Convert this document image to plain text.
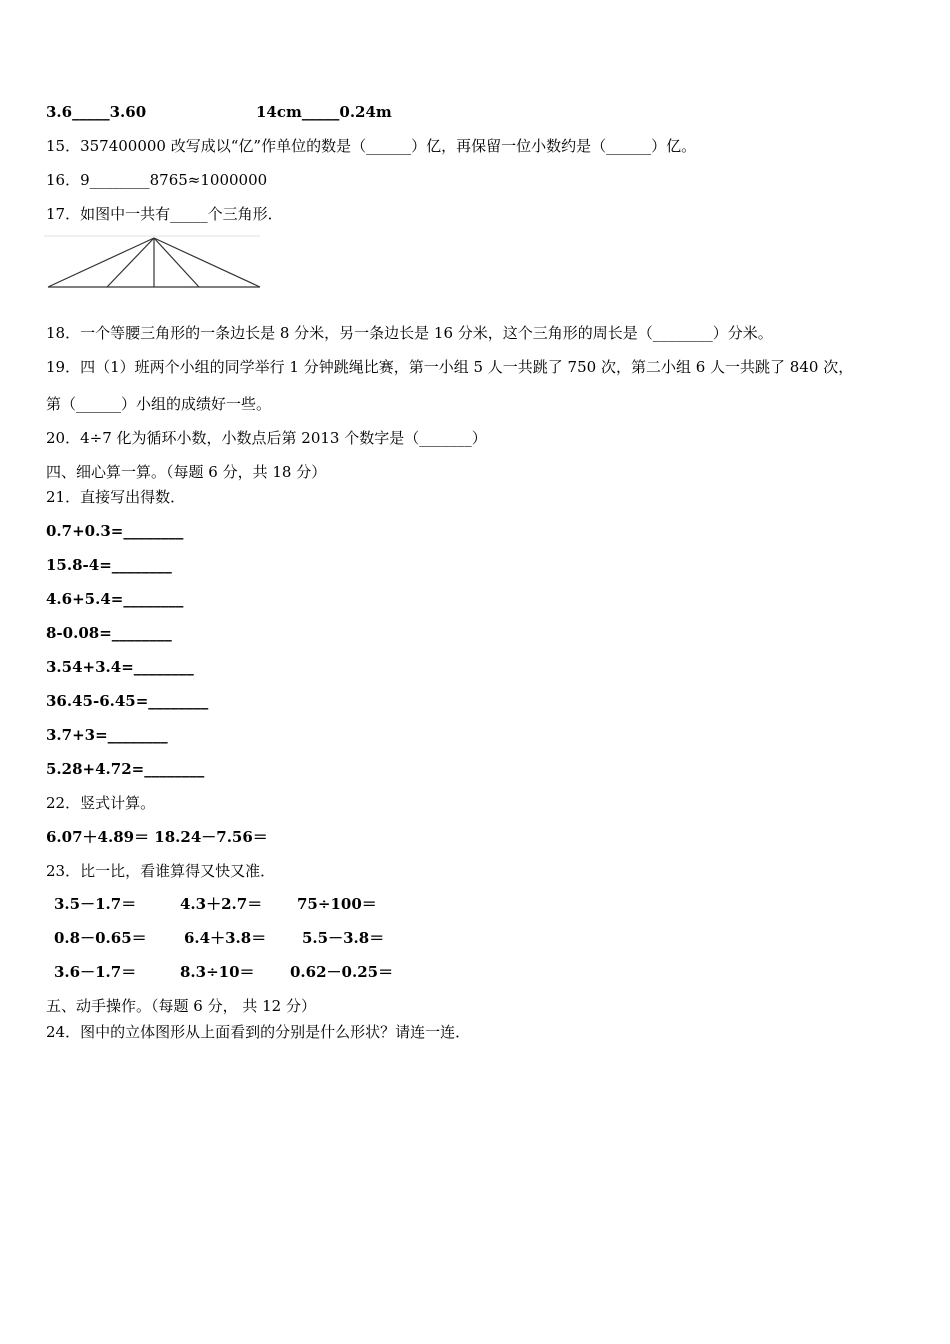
3.6_____3.60	14cm_____0.24m
15．357400000 改写成以“亿”作单位的数是（______）亿，再保留一位小数约是（______）亿。
16．9________8765≈1000000
17．如图中一共有_____个三角形．
18．一个等腰三角形的一条边长是 8 分米，另一条边长是 16 分米，这个三角形的周长是（________）分米。
19．四（1）班两个小组的同学举行 1 分钟跳绳比赛，第一小组 5 人一共跳了 750 次，第二小组 6 人一共跳了 840 次，
第（______）小组的成绩好一些。
20．4÷7 化为循环小数，小数点后第 2013 个数字是（_______）
四、细心算一算。（每题 6 分，共 18 分）
21．直接写出得数．
0.7+0.3=________
15.8-4=________
4.6+5.4=________
8-0.08=________
3.54+3.4=________
36.45-6.45=________
3.7+3=________
5.28+4.72=________
22．竖式计算。
6.07＋4.89＝ 18.24－7.56＝
23．比一比，看谁算得又快又准．
3.5－1.7＝	4.3＋2.7＝ 75÷100＝
0.8－0.65＝ 6.4＋3.8＝ 5.5－3.8＝
3.6－1.7＝	8.3÷10＝ 0.62－0.25＝
五、动手操作。（每题 6 分， 共 12 分）
24．图中的立体图形从上面看到的分别是什么形状？请连一连．
